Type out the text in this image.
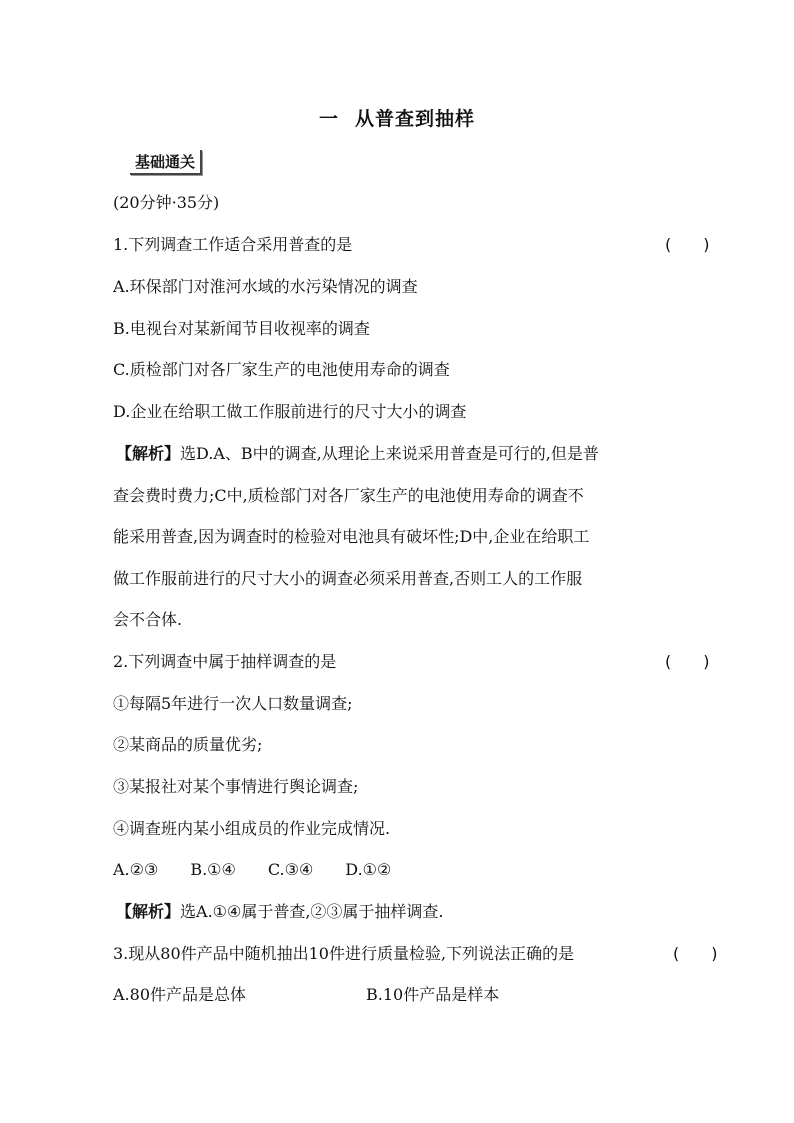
一 从普查到抽样
基础通关
(20分钟·35分)
1.下列调查工作适合采用普查的是	(　　)
A.环保部门对淮河水域的水污染情况的调查
B.电视台对某新闻节目收视率的调查
C.质检部门对各厂家生产的电池使用寿命的调查
D.企业在给职工做工作服前进行的尺寸大小的调查
【解析】选D.A、B中的调查,从理论上来说采用普查是可行的,但是普
查会费时费力;C中,质检部门对各厂家生产的电池使用寿命的调查不
能采用普查,因为调查时的检验对电池具有破坏性;D中,企业在给职工
做工作服前进行的尺寸大小的调查必须采用普查,否则工人的工作服
会不合体.
2.下列调查中属于抽样调查的是	(　　)
①每隔5年进行一次人口数量调查;
②某商品的质量优劣;
③某报社对某个事情进行舆论调查;
④调查班内某小组成员的作业完成情况.
A.②③　　B.①④　　C.③④　　D.①②
【解析】选A.①④属于普查,②③属于抽样调查.
3.现从80件产品中随机抽出10件进行质量检验,下列说法正确的是	(　　)
A.80件产品是总体	B.10件产品是样本
